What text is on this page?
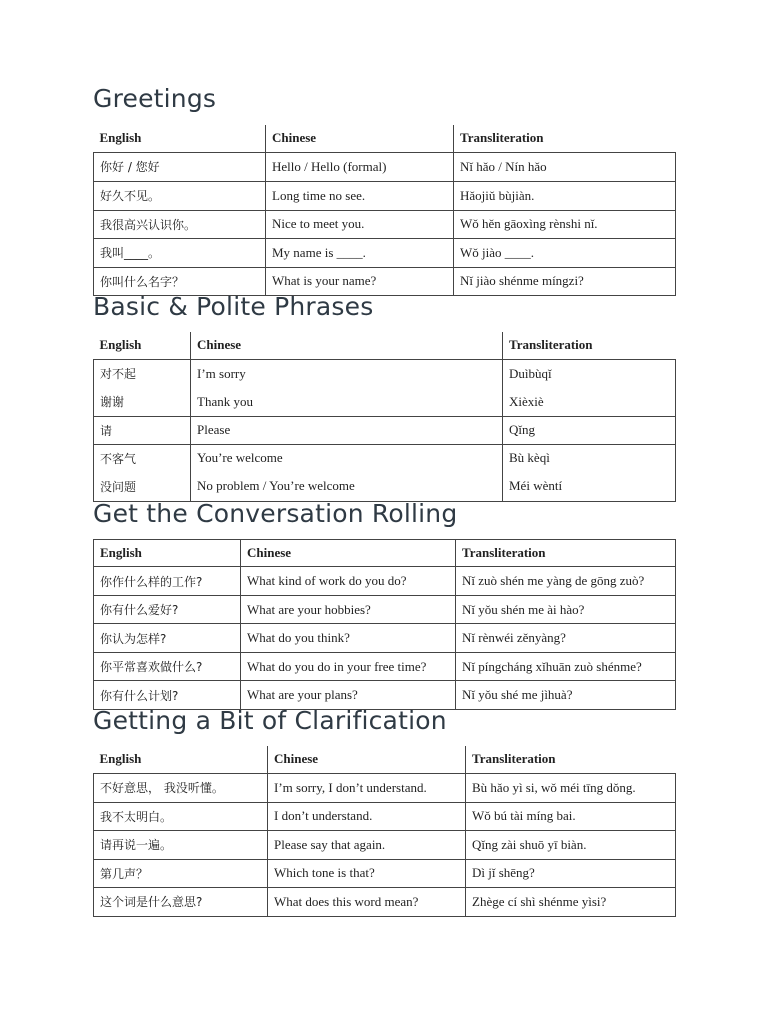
Greetings
English	Chinese	Transliteration
你好 / 您好	Hello / Hello (formal)	Nǐ hǎo / Nín hǎo
好久不见。	Long time no see.	Hǎojiǔ bùjiàn.
我很高兴认识你。	Nice to meet you.	Wǒ hěn gāoxìng rènshi nǐ.
我叫____。	My name is ____.	Wǒ jiào ____.
你叫什么名字？	What is your name?	Nǐ jiào shénme míngzi?
Basic & Polite Phrases
English	Chinese	Transliteration
对不起	I’m sorry	Duìbùqǐ
谢谢	Thank you	Xièxiè
请	Please	Qǐng
不客气	You’re welcome	Bù kèqì
没问题	No problem / You’re welcome	Méi wèntí
Get the Conversation Rolling
English	Chinese	Transliteration
你作什么样的工作?	What kind of work do you do?	Nǐ zuò shén me yàng de gōng zuò?
你有什么爱好?	What are your hobbies?	Nǐ yǒu shén me ài hào?
你认为怎样?	What do you think?	Nǐ rènwéi zěnyàng?
你平常喜欢做什么?	What do you do in your free time?	Nǐ píngcháng xǐhuān zuò shénme?
你有什么计划?	What are your plans?	Nǐ yǒu shé me jìhuà?
Getting a Bit of Clarification
English	Chinese	Transliteration
不好意思， 我没听懂。	I’m sorry, I don’t understand.	Bù hǎo yì si, wǒ méi tīng dǒng.
我不太明白。	I don’t understand.	Wǒ bú tài míng bai.
请再说一遍。	Please say that again.	Qǐng zài shuō yī biàn.
第几声？	Which tone is that?	Dì jǐ shēng?
这个词是什么意思?	What does this word mean?	Zhège cí shì shénme yìsi?
